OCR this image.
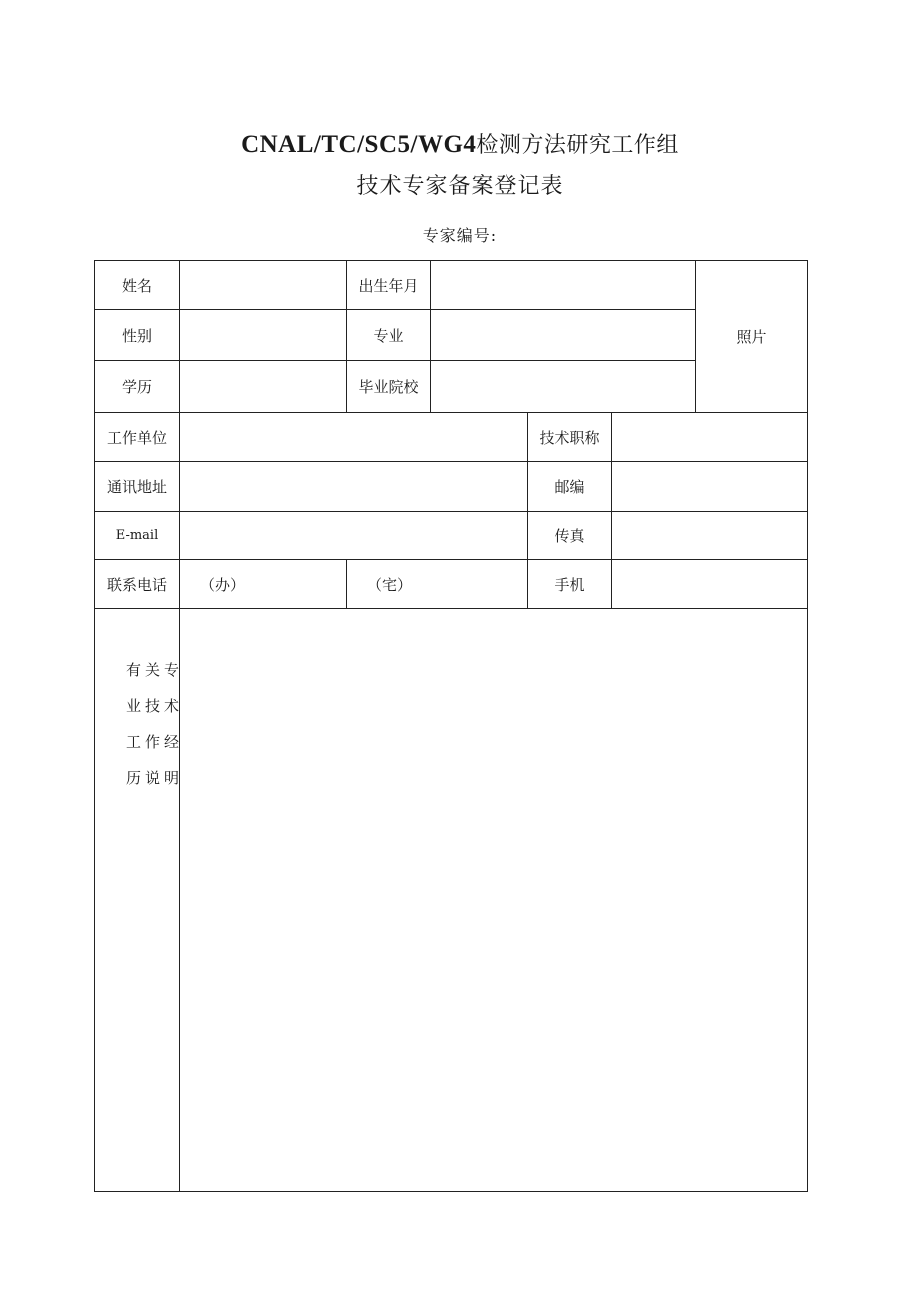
CNAL/TC/SC5/WG4检测方法研究工作组
技术专家备案登记表
专家编号:
姓名		出生年月				照片
性别		专业				
学历		毕业院校				
工作单位				技术职称		
通讯地址				邮编		
E-mail				传真		
联系电话	（办）	（宅）		手机		

有关专
业技术
工作经
历说明						
